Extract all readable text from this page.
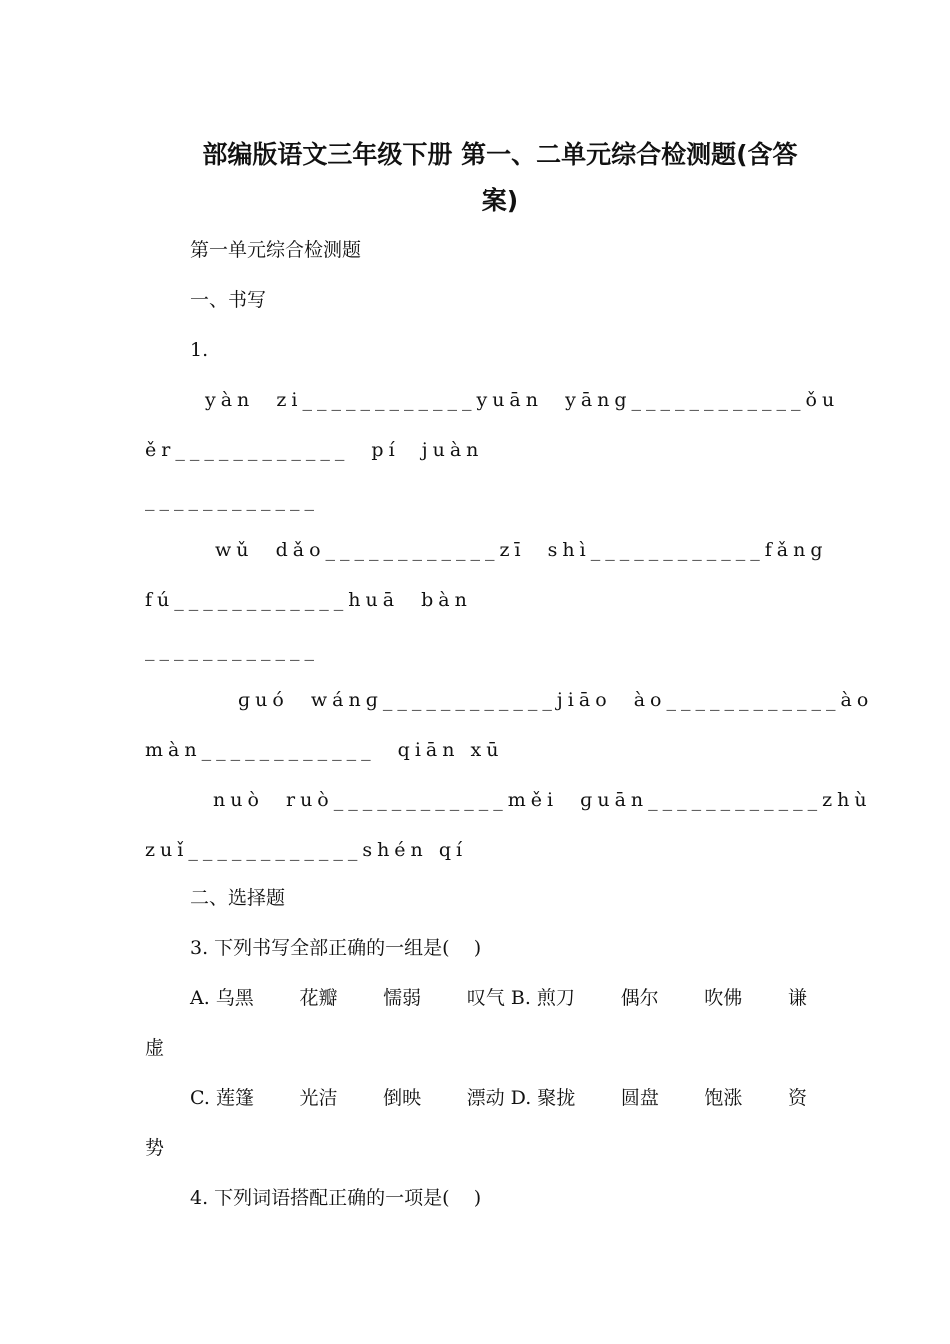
部编版语文三年级下册 第一、二单元综合检测题(含答
案)
第一单元综合检测题
一、书写
1.
yàn  zi____________yuān  yāng____________ ǒu
ěr____________  pí  juàn
____________
wǔ  dǎo____________zī  shì____________ fǎng
fú____________huā  bàn
____________
ɡuó  wánɡ____________jiāo  ào____________ ào
màn____________  qiān xū
nuò  ruò____________ měi  ɡuān____________zhù
zuǐ____________shén qí
二、选择题
3. 下列书写全部正确的一组是(    )
A. 乌黑 花瓣 懦弱 叹气 B. 煎刀 偶尔 吹佛 谦
虚
C. 莲篷 光洁 倒映 漂动 D. 聚拢 圆盘 饱涨 资
势
4. 下列词语搭配正确的一项是(    )
